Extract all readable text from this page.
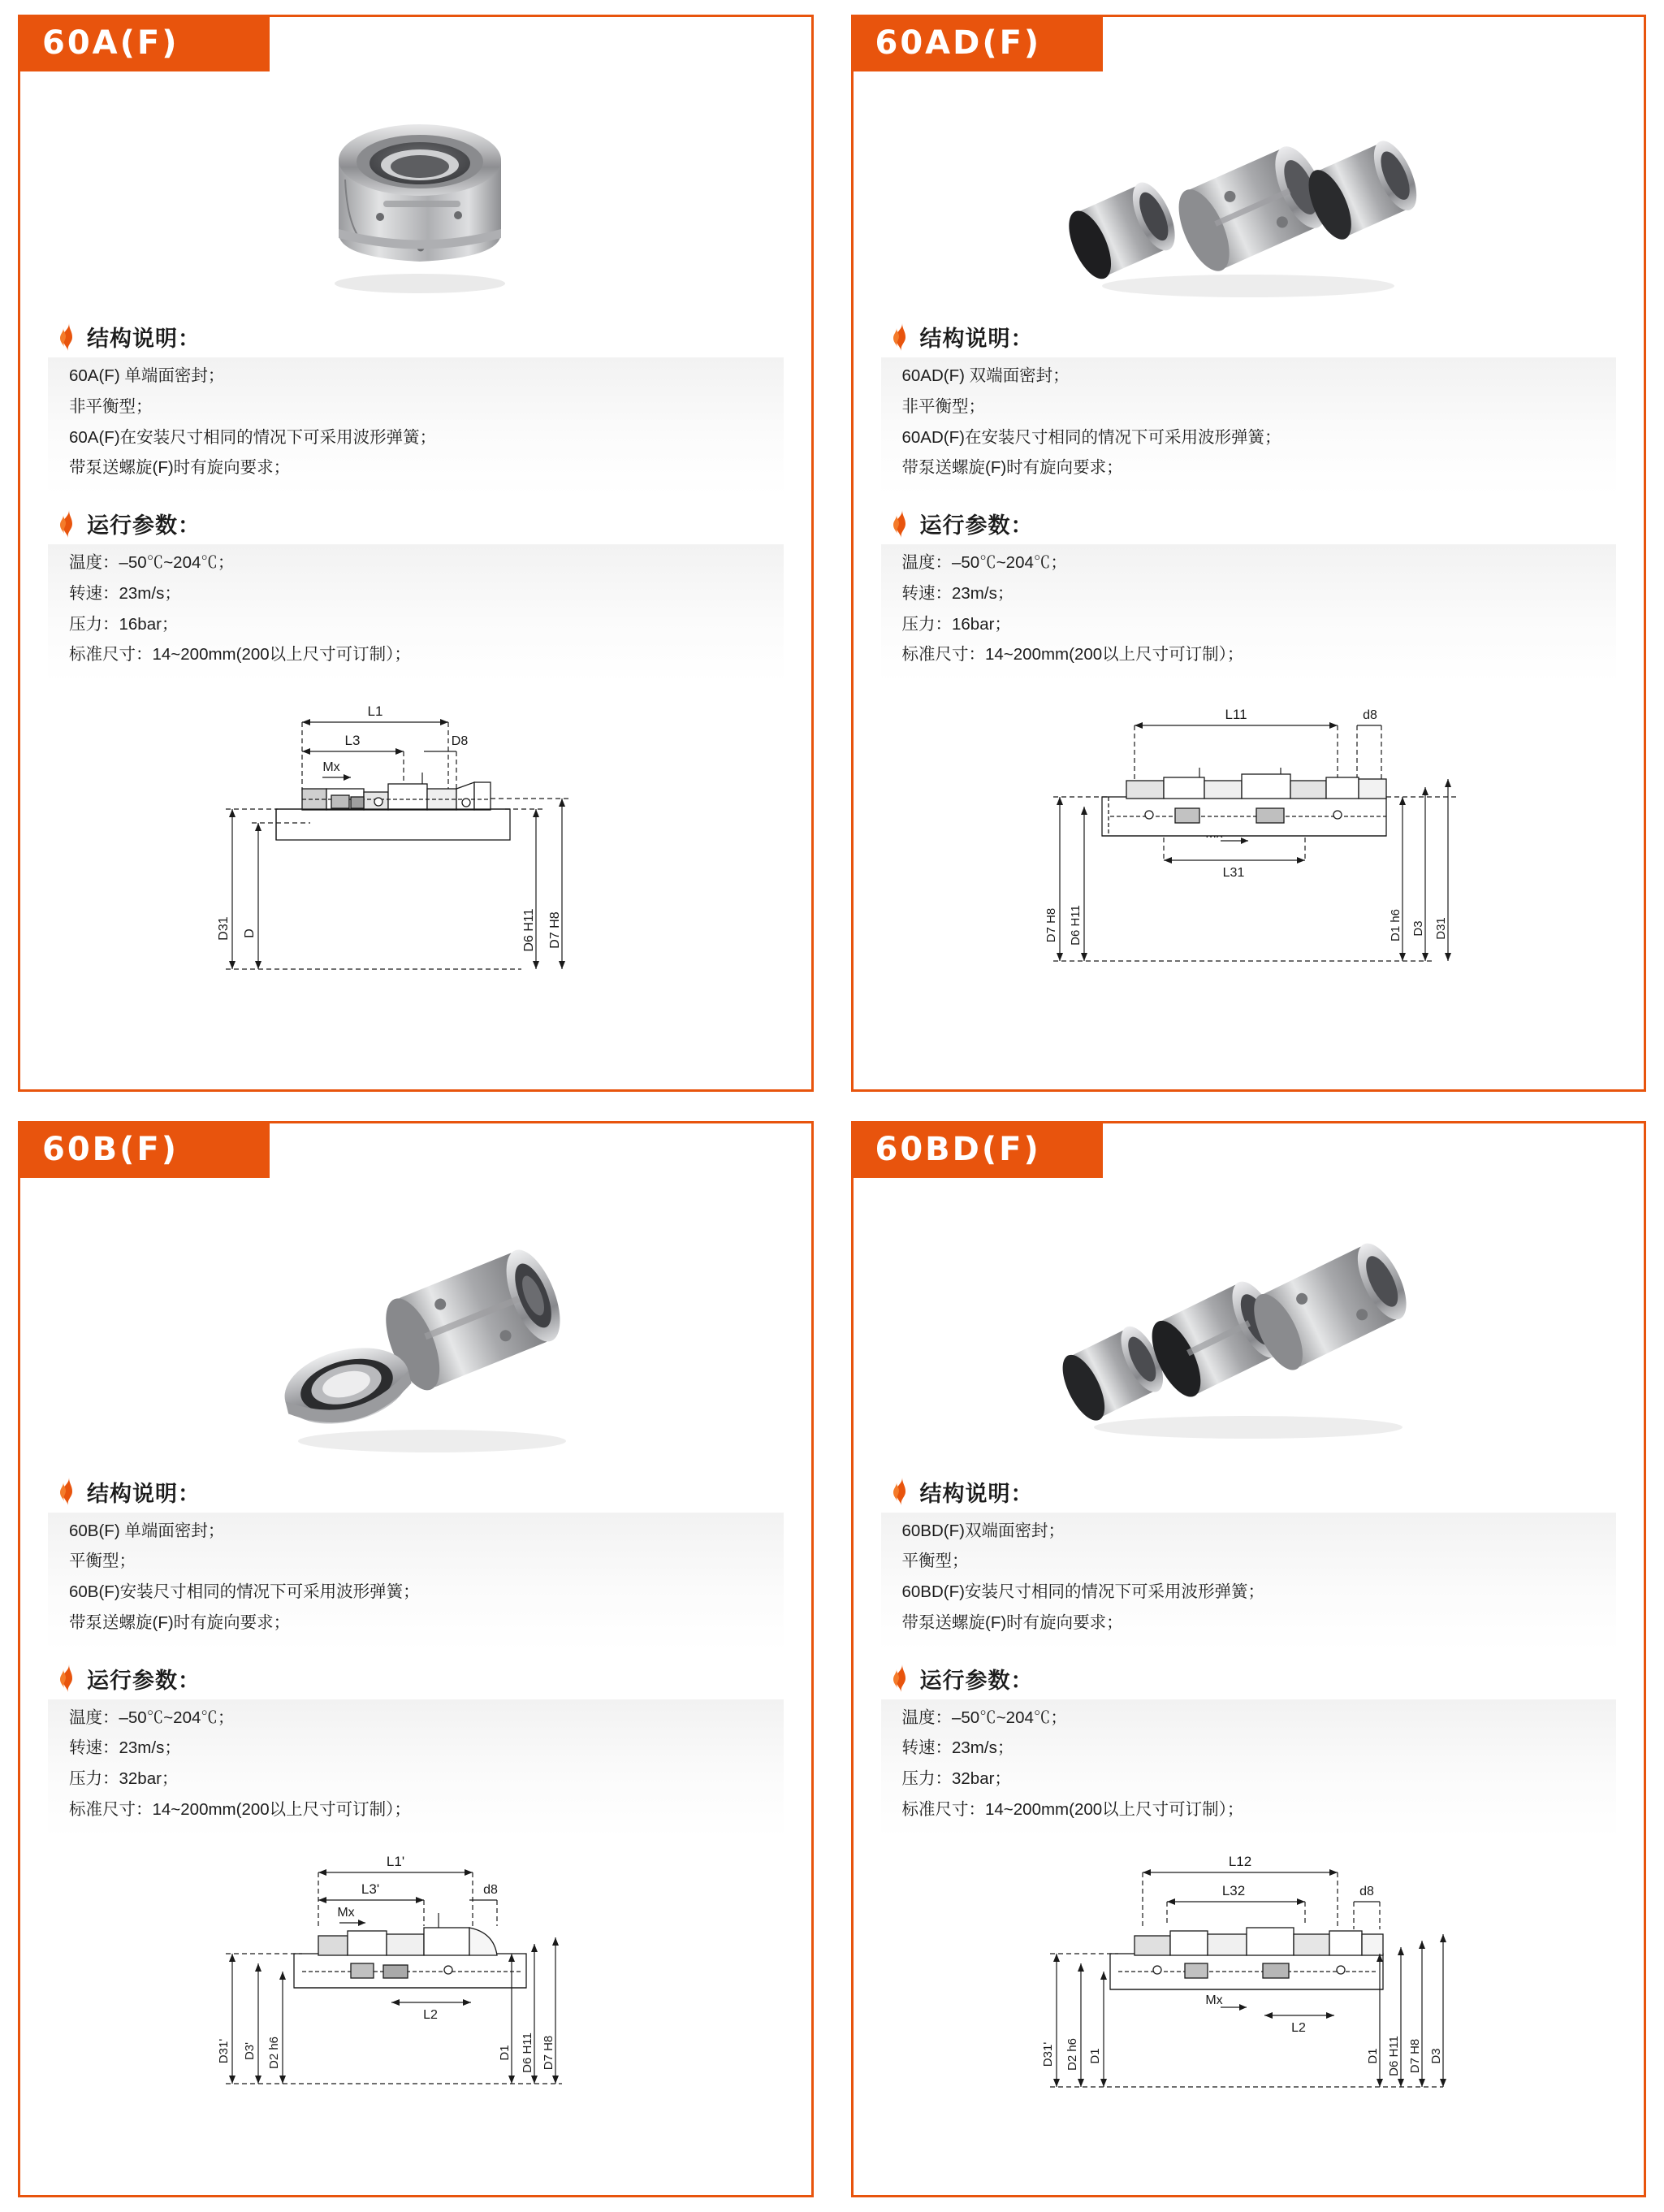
60A(F)
结构说明：

60A(F) 单端面密封；

非平衡型；

60A(F)在安装尺寸相同的情况下可采用波形弹簧；

带泵送螺旋(F)时有旋向要求；

运行参数：

温度：–50℃~204℃；

转速：23m/s；

压力：16bar；

标准尺寸：14~200mm(200以上尺寸可订制）；

L1
L3	D8
Mx
D31 D	D6 H11 D7 H8
60AD(F)
结构说明：

60AD(F) 双端面密封；

非平衡型；

60AD(F)在安装尺寸相同的情况下可采用波形弹簧；

带泵送螺旋(F)时有旋向要求；

运行参数：

温度：–50℃~204℃；

转速：23m/s；

压力：16bar；

标准尺寸：14~200mm(200以上尺寸可订制）；

L11	d8
L31
D7 H8 D6 H11	D1 h6 D3 D31
60B(F)
结构说明：

60B(F) 单端面密封；

平衡型；

60B(F)安装尺寸相同的情况下可采用波形弹簧；

带泵送螺旋(F)时有旋向要求；

运行参数：

温度：–50℃~204℃；

转速：23m/s；

压力：32bar；

标准尺寸：14~200mm(200以上尺寸可订制）；

L1'
L3'	d8
Mx
L2
D31' D3' D2 h6	D1 D6 H11 D7 H8
60BD(F)
结构说明：

60BD(F)双端面密封；

平衡型；

60BD(F)安装尺寸相同的情况下可采用波形弹簧；

带泵送螺旋(F)时有旋向要求；

运行参数：

温度：–50℃~204℃；

转速：23m/s；

压力：32bar；

标准尺寸：14~200mm(200以上尺寸可订制）；

L12
L32	d8
Mx
L2
D31' D2 h6 D1	D1 D6 H11 D7 H8 D3
